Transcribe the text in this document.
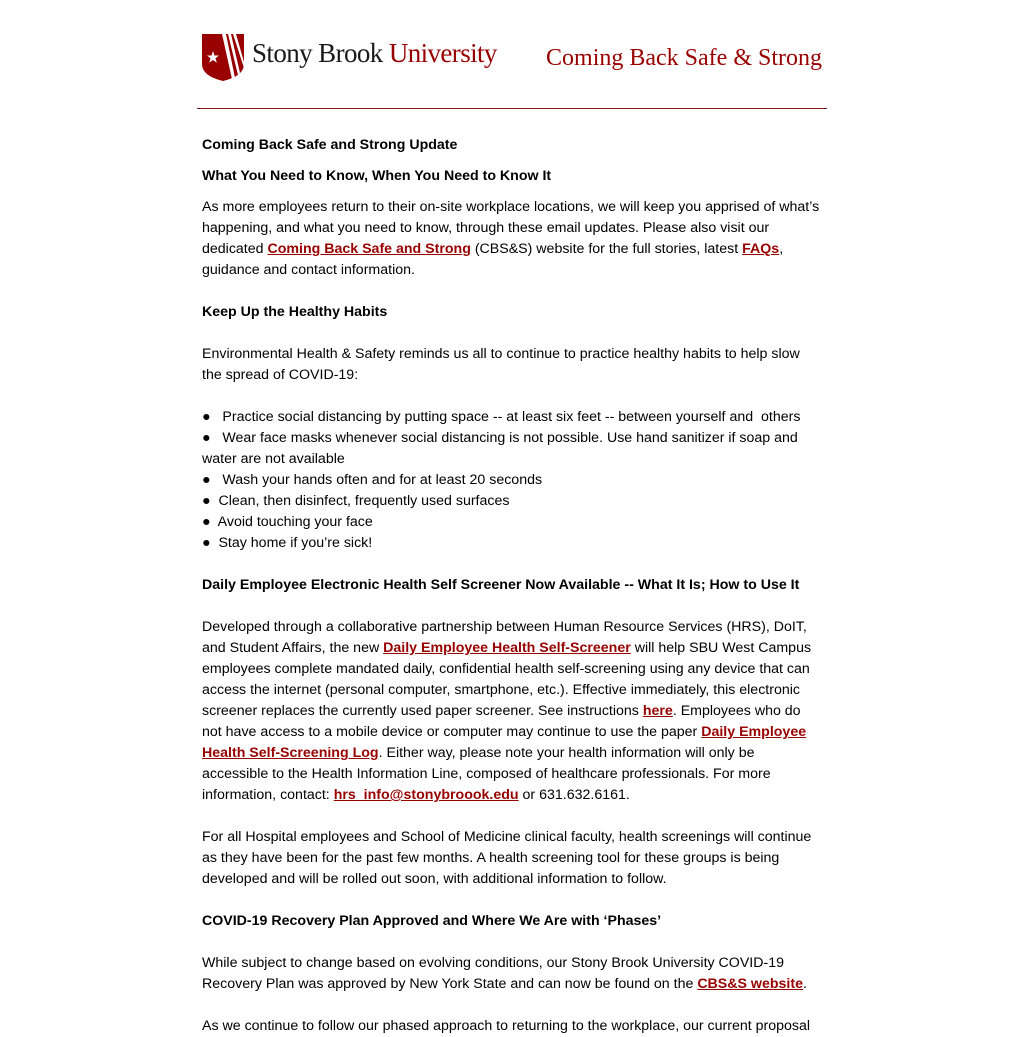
Stony Brook University Coming Back Safe & Strong

Coming Back Safe and Strong Update

What You Need to Know, When You Need to Know It

As more employees return to their on-site workplace locations, we will keep you apprised of what’s happening, and what you need to know, through these email updates. Please also visit our dedicated Coming Back Safe and Strong (CBS&S) website for the full stories, latest FAQs, guidance and contact information.

Keep Up the Healthy Habits

Environmental Health & Safety reminds us all to continue to practice healthy habits to help slow the spread of COVID-19:

●   Practice social distancing by putting space -- at least six feet -- between yourself and  others
●   Wear face masks whenever social distancing is not possible. Use hand sanitizer if soap and water are not available
●   Wash your hands often and for at least 20 seconds
●  Clean, then disinfect, frequently used surfaces
●  Avoid touching your face
●  Stay home if you’re sick!

Daily Employee Electronic Health Self Screener Now Available -- What It Is; How to Use It

Developed through a collaborative partnership between Human Resource Services (HRS), DoIT, and Student Affairs, the new Daily Employee Health Self-Screener will help SBU West Campus employees complete mandated daily, confidential health self-screening using any device that can access the internet (personal computer, smartphone, etc.). Effective immediately, this electronic screener replaces the currently used paper screener. See instructions here. Employees who do not have access to a mobile device or computer may continue to use the paper Daily Employee Health Self-Screening Log. Either way, please note your health information will only be accessible to the Health Information Line, composed of healthcare professionals. For more information, contact: hrs_info@stonybroook.edu or 631.632.6161.

For all Hospital employees and School of Medicine clinical faculty, health screenings will continue as they have been for the past few months. A health screening tool for these groups is being developed and will be rolled out soon, with additional information to follow.

COVID-19 Recovery Plan Approved and Where We Are with ‘Phases’

While subject to change based on evolving conditions, our Stony Brook University COVID-19 Recovery Plan was approved by New York State and can now be found on the CBS&S website.

As we continue to follow our phased approach to returning to the workplace, our current proposal
